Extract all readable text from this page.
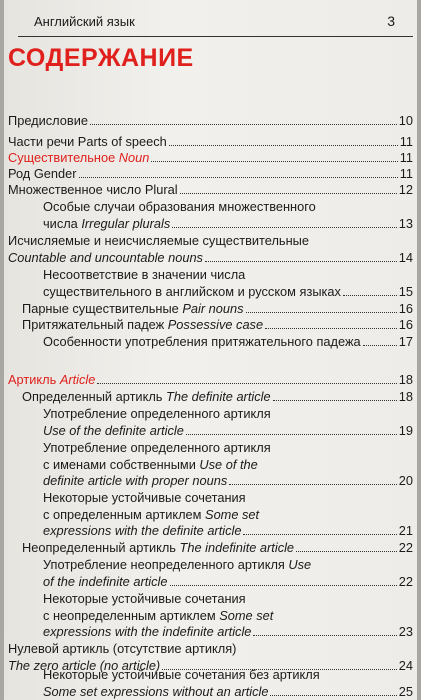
Английский язык	3
СОДЕРЖАНИЕ
Предисловие	10
Части речи Parts of speech	11
Существительное Noun	11
Род Gender	11
Множественное число Plural	12
Особые случаи образования множественного
числа Irregular plurals	13
Исчисляемые и неисчисляемые существительные
Countable and uncountable nouns	14
Несоответствие в значении числа
существительного в английском и русском языках	15
Парные существительные Pair nouns	16
Притяжательный падеж Possessive case	16
Особенности употребления притяжательного падежа	17
Артикль Article	18
Определенный артикль The definite article	18
Употребление определенного артикля
Use of the definite article	19
Употребление определенного артикля
с именами собственными Use of the
definite article with proper nouns	20
Некоторые устойчивые сочетания
с определенным артиклем Some set
expressions with the definite article	21
Неопределенный артикль The indefinite article	22
Употребление неопределенного артикля Use
of the indefinite article	22
Некоторые устойчивые сочетания
с неопределенным артиклем Some set
expressions with the indefinite article	23
Нулевой артикль (отсутствие артикля)
The zero article (no article)	24
Некоторые устойчивые сочетания без артикля
Some set expressions without an article	25
